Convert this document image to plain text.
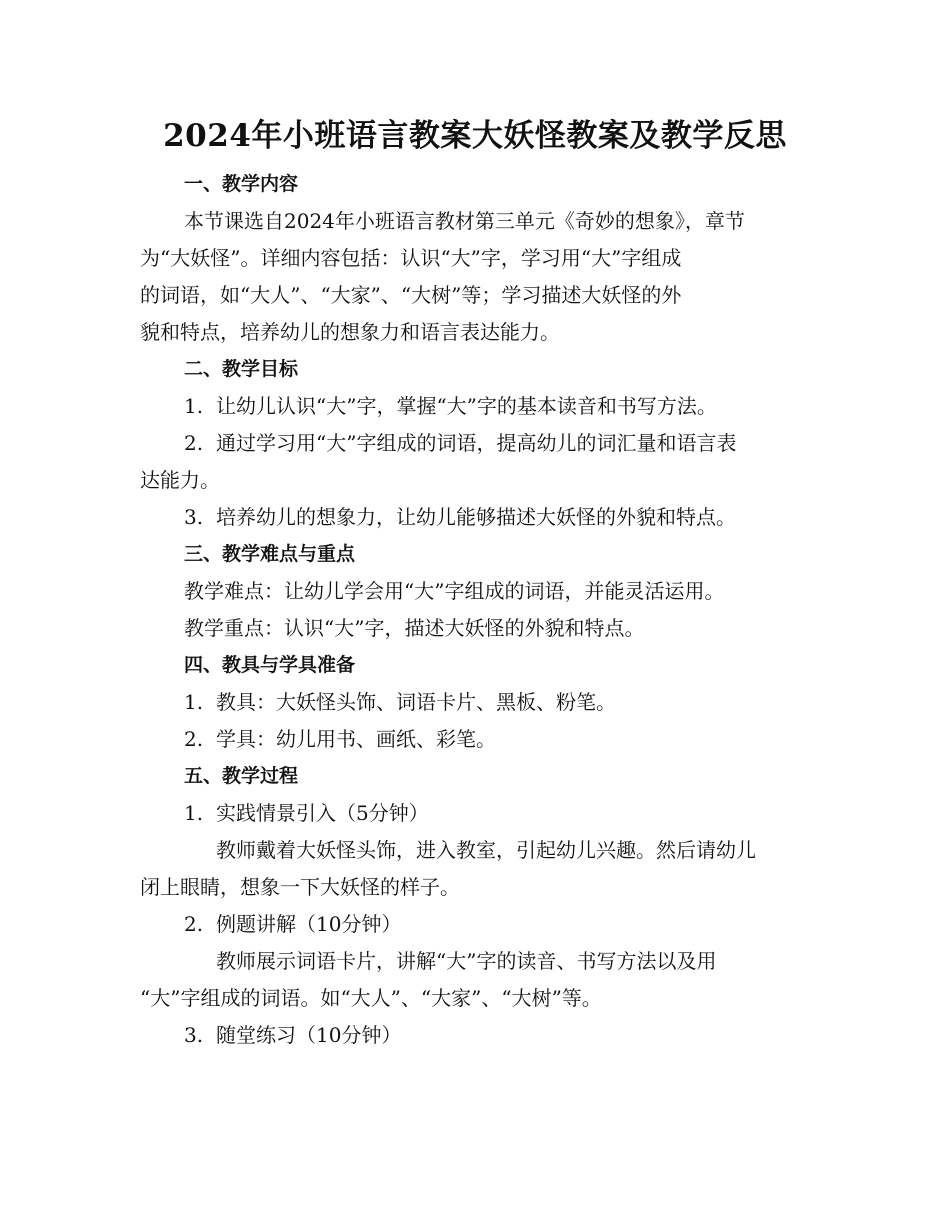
2024年小班语言教案大妖怪教案及教学反思
一、教学内容
本节课选自2024年小班语言教材第三单元《奇妙的想象》，章节
为“大妖怪”。详细内容包括：认识“大”字，学习用“大”字组成
的词语，如“大人”、“大家”、“大树”等；学习描述大妖怪的外
貌和特点，培养幼儿的想象力和语言表达能力。
二、教学目标
1. 让幼儿认识“大”字，掌握“大”字的基本读音和书写方法。
2. 通过学习用“大”字组成的词语，提高幼儿的词汇量和语言表
达能力。
3. 培养幼儿的想象力，让幼儿能够描述大妖怪的外貌和特点。
三、教学难点与重点
教学难点：让幼儿学会用“大”字组成的词语，并能灵活运用。
教学重点：认识“大”字，描述大妖怪的外貌和特点。
四、教具与学具准备
1. 教具：大妖怪头饰、词语卡片、黑板、粉笔。
2. 学具：幼儿用书、画纸、彩笔。
五、教学过程
1. 实践情景引入（5分钟）
教师戴着大妖怪头饰，进入教室，引起幼儿兴趣。然后请幼儿
闭上眼睛，想象一下大妖怪的样子。
2. 例题讲解（10分钟）
教师展示词语卡片，讲解“大”字的读音、书写方法以及用
“大”字组成的词语。如“大人”、“大家”、“大树”等。
3. 随堂练习（10分钟）
